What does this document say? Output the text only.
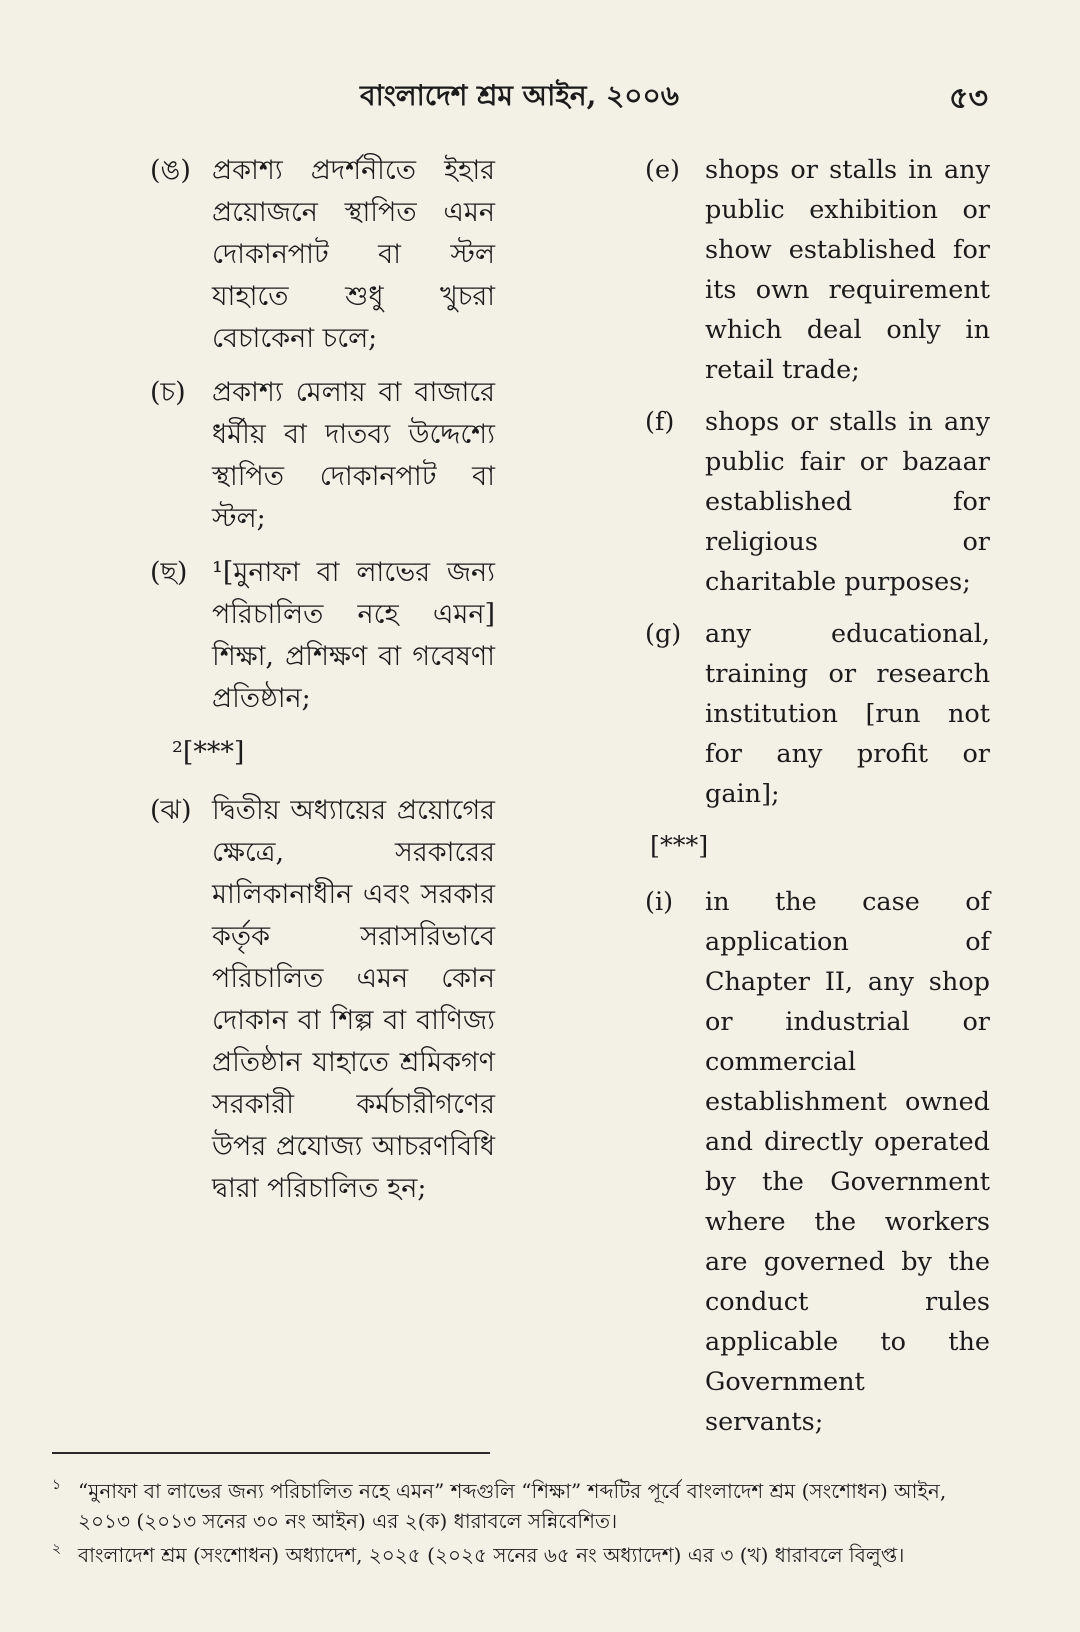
বাংলাদেশ শ্রম আইন, ২০০৬	৫৩
(ঙ) প্রকাশ্য প্রদর্শনীতে ইহার প্রয়োজনে স্থাপিত এমন দোকানপাট বা স্টল যাহাতে শুধু খুচরা বেচাকেনা চলে;
(চ) প্রকাশ্য মেলায় বা বাজারে ধর্মীয় বা দাতব্য উদ্দেশ্যে স্থাপিত দোকানপাট বা স্টল;
(ছ) ¹[মুনাফা বা লাভের জন্য পরিচালিত নহে এমন] শিক্ষা, প্রশিক্ষণ বা গবেষণা প্রতিষ্ঠান;
²[***]
(ঝ) দ্বিতীয় অধ্যায়ের প্রয়োগের ক্ষেত্রে, সরকারের মালিকানাধীন এবং সরকার কর্তৃক সরাসরিভাবে পরিচালিত এমন কোন দোকান বা শিল্প বা বাণিজ্য প্রতিষ্ঠান যাহাতে শ্রমিকগণ সরকারী কর্মচারীগণের উপর প্রযোজ্য আচরণবিধি দ্বারা পরিচালিত হন;
(e) shops or stalls in any public exhibition or show established for its own requirement which deal only in retail trade;
(f)	shops or stalls in any public fair or bazaar established for religious or charitable purposes;
(g) any educational, training or research institution [run not for any profit or gain];
[***]
(i)	in the case of application of Chapter II, any shop or industrial or commercial establishment owned and directly operated by the Government where the workers are governed by the conduct rules applicable to the Government servants;
১ “মুনাফা বা লাভের জন্য পরিচালিত নহে এমন” শব্দগুলি “শিক্ষা” শব্দটির পূর্বে বাংলাদেশ শ্রম (সংশোধন) আইন, ২০১৩ (২০১৩ সনের ৩০ নং আইন) এর ২(ক) ধারাবলে সন্নিবেশিত।
২ বাংলাদেশ শ্রম (সংশোধন) অধ্যাদেশ, ২০২৫ (২০২৫ সনের ৬৫ নং অধ্যাদেশ) এর ৩ (খ) ধারাবলে বিলুপ্ত।
